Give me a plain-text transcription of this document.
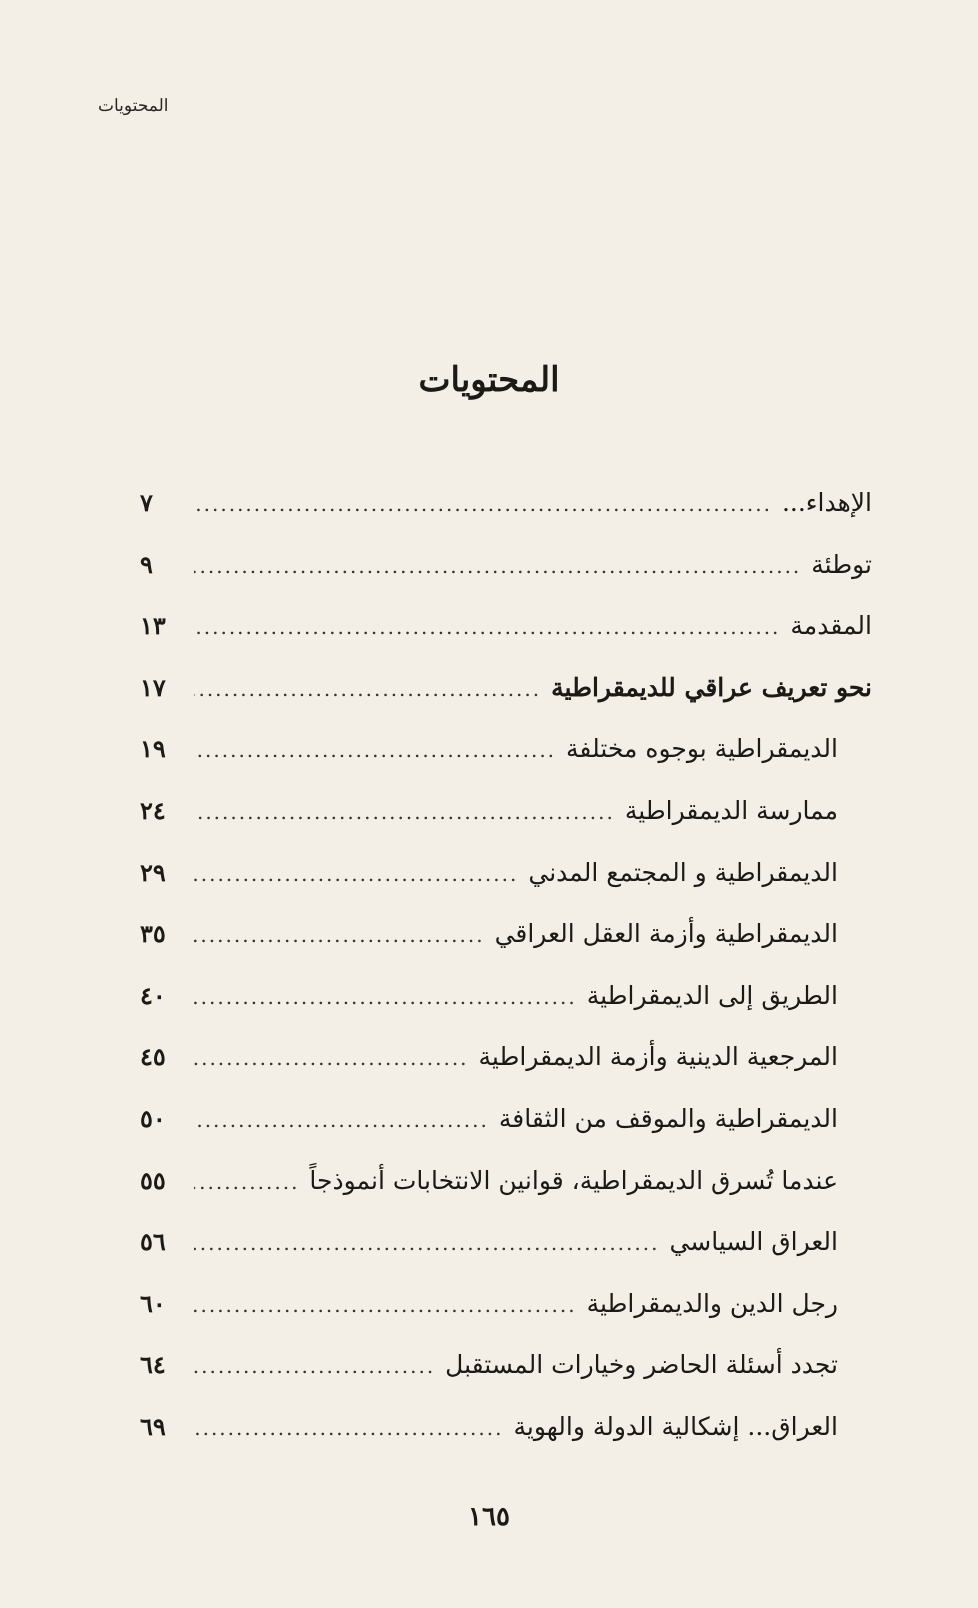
المحتويات
المحتويات
الإهداء...
.....
٧
توطئة
.....
٩
المقدمة
.....
١٣
نحو تعريف عراقي للديمقراطية
.....
١٧
الديمقراطية بوجوه مختلفة
.....
١٩
ممارسة الديمقراطية
.....
٢٤
الديمقراطية و المجتمع المدني
.....
٢٩
الديمقراطية وأزمة العقل العراقي
.....
٣٥
الطريق إلى الديمقراطية
.....
٤٠
المرجعية الدينية وأزمة الديمقراطية
.....
٤٥
الديمقراطية والموقف من الثقافة
.....
٥٠
عندما تُسرق الديمقراطية، قوانين الانتخابات أنموذجاً
.....
٥٥
العراق السياسي
.....
٥٦
رجل الدين والديمقراطية
.....
٦٠
تجدد أسئلة الحاضر وخيارات المستقبل
.....
٦٤
العراق... إشكالية الدولة والهوية
.....
٦٩
١٦٥
